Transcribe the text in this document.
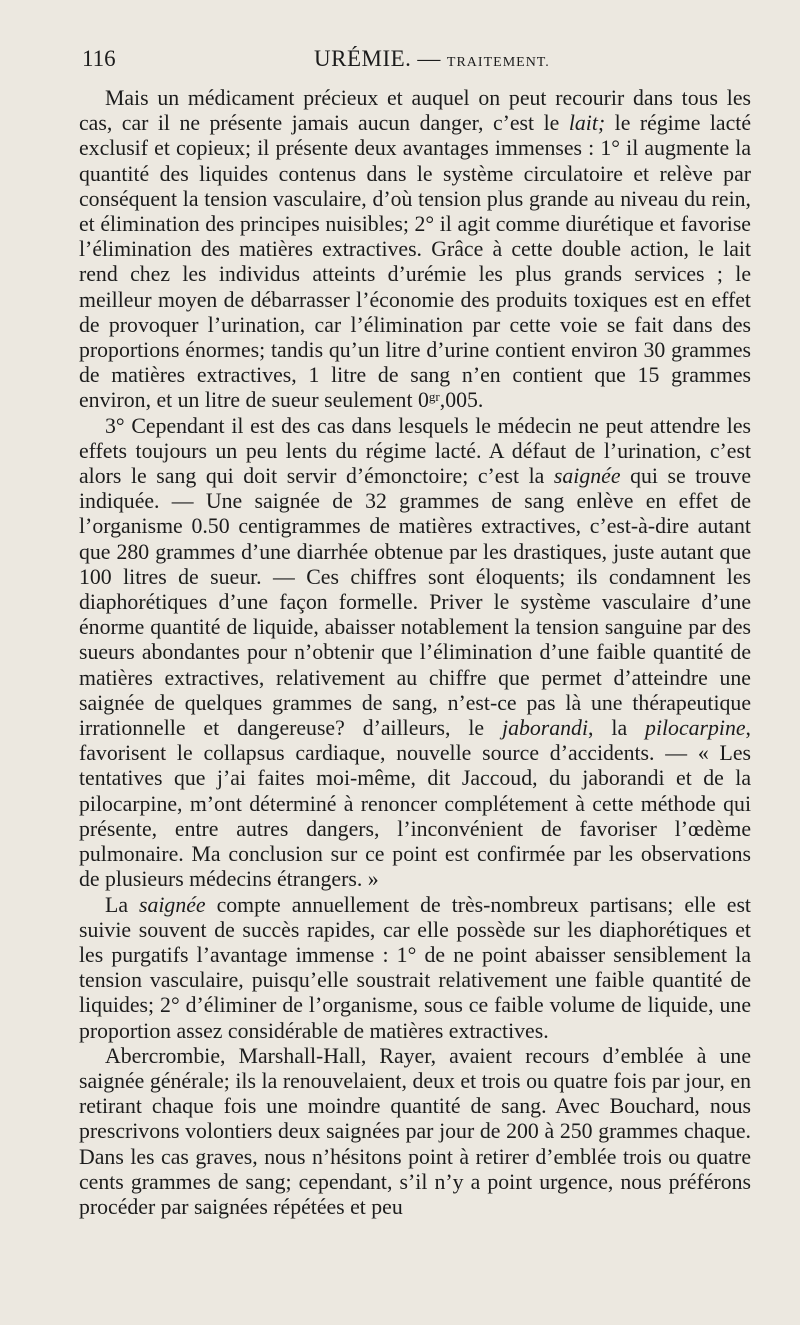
116	URÉMIE. — TRAITEMENT.

Mais un médicament précieux et auquel on peut recourir dans tous les cas, car il ne présente jamais aucun danger, c’est le lait; le régime lacté exclusif et copieux; il présente deux avantages immenses : 1° il augmente la quantité des liquides contenus dans le système circulatoire et relève par conséquent la tension vasculaire, d’où tension plus grande au niveau du rein, et élimination des principes nuisibles; 2° il agit comme diurétique et favorise l’élimination des matières extractives. Grâce à cette double action, le lait rend chez les individus atteints d’urémie les plus grands services ; le meilleur moyen de débarrasser l’économie des produits toxiques est en effet de provoquer l’urination, car l’élimination par cette voie se fait dans des proportions énormes; tandis qu’un litre d’urine contient environ 30 grammes de matières extractives, 1 litre de sang n’en contient que 15 grammes environ, et un litre de sueur seulement $0^{gr},005$.

3° Cependant il est des cas dans lesquels le médecin ne peut attendre les effets toujours un peu lents du régime lacté. A défaut de l’urination, c’est alors le sang qui doit servir d’émonctoire; c’est la saignée qui se trouve indiquée. — Une saignée de 32 grammes de sang enlève en effet de l’organisme 0.50 centigrammes de matières extractives, c’est-à-dire autant que 280 grammes d’une diarrhée obtenue par les drastiques, juste autant que 100 litres de sueur. — Ces chiffres sont éloquents; ils condamnent les diaphorétiques d’une façon formelle. Priver le système vasculaire d’une énorme quantité de liquide, abaisser notablement la tension sanguine par des sueurs abondantes pour n’obtenir que l’élimination d’une faible quantité de matières extractives, relativement au chiffre que permet d’atteindre une saignée de quelques grammes de sang, n’est-ce pas là une thérapeutique irrationnelle et dangereuse? d’ailleurs, le jaborandi, la pilocarpine, favorisent le collapsus cardiaque, nouvelle source d’accidents. — « Les tentatives que j’ai faites moi-même, dit Jaccoud, du jaborandi et de la pilocarpine, m’ont déterminé à renoncer complétement à cette méthode qui présente, entre autres dangers, l’inconvénient de favoriser l’œdème pulmonaire. Ma conclusion sur ce point est confirmée par les observations de plusieurs médecins étrangers. »

La saignée compte annuellement de très-nombreux partisans; elle est suivie souvent de succès rapides, car elle possède sur les diaphorétiques et les purgatifs l’avantage immense : 1° de ne point abaisser sensiblement la tension vasculaire, puisqu’elle soustrait relativement une faible quantité de liquides; 2° d’éliminer de l’organisme, sous ce faible volume de liquide, une proportion assez considérable de matières extractives.

Abercrombie, Marshall-Hall, Rayer, avaient recours d’emblée à une saignée générale; ils la renouvelaient, deux et trois ou quatre fois par jour, en retirant chaque fois une moindre quantité de sang. Avec Bouchard, nous prescrivons volontiers deux saignées par jour de 200 à 250 grammes chaque. Dans les cas graves, nous n’hésitons point à retirer d’emblée trois ou quatre cents grammes de sang; cependant, s’il n’y a point urgence, nous préférons procéder par saignées répétées et peu
